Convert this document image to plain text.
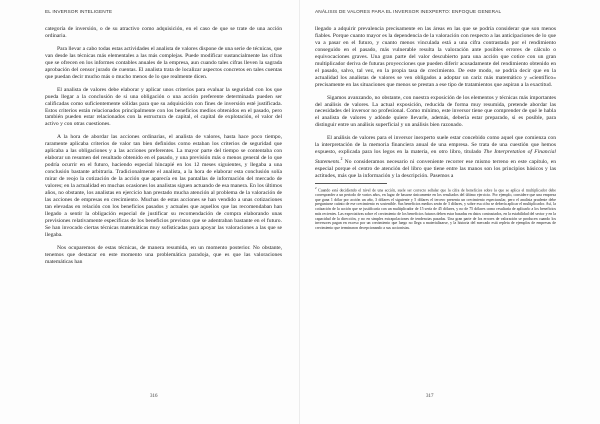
EL INVERSOR INTELIGENTE

categoría de inversión, o de su atractivo como adquisición, en el caso de que se trate de una acción ordinaria.

Para llevar a cabo todas estas actividades el analista de valores dispone de una serie de técnicas, que van desde las técnicas más elementales a las más complejas. Puede modificar sustancialmente las cifras que se ofrecen en los informes contables anuales de la empresa, aun cuando tales cifras lleven la sagrada aprobación del censor jurado de cuentas. El analista trata de localizar aspectos concretos en tales cuentas que puedan decir mucho más o mucho menos de lo que realmente dicen.

El analista de valores debe elaborar y aplicar unos criterios para evaluar la seguridad con los que pueda llegar a la conclusión de si una obligación o una acción preferente determinada pueden ser calificadas como suficientemente sólidas para que su adquisición con fines de inversión esté justificada. Estos criterios están relacionados principalmente con los beneficios medios obtenidos en el pasado, pero también pueden estar relacionados con la estructura de capital, el capital de explotación, el valor del activo y con otras cuestiones.

A la hora de abordar las acciones ordinarias, el analista de valores, hasta hace poco tiempo, raramente aplicaba criterios de valor tan bien definidos como estaban los criterios de seguridad que aplicaba a las obligaciones y a las acciones preferentes. La mayor parte del tiempo se contentaba con elaborar un resumen del resultado obtenido en el pasado, y una previsión más o menos general de lo que podría ocurrir en el futuro, haciendo especial hincapié en los 12 meses siguientes, y llegaba a una conclusión bastante arbitraria. Tradicionalmente el analista, a la hora de elaborar esta conclusión solía mirar de reojo la cotización de la acción que aparecía en las pantallas de información del mercado de valores; en la actualidad en muchas ocasiones los analistas siguen actuando de esa manera. En los últimos años, no obstante, los analistas en ejercicio han prestado mucha atención al problema de la valoración de las acciones de empresas en crecimiento. Muchas de estas acciones se han vendido a unas cotizaciones tan elevadas en relación con los beneficios pasados y actuales que aquellos que las recomendaban han llegado a sentir la obligación especial de justificar su recomendación de compra elaborando unas previsiones relativamente específicas de los beneficios previstos que se adentraban bastante en el futuro. Se han invocado ciertas técnicas matemáticas muy sofisticadas para apoyar las valoraciones a las que se llegaba.

Nos ocuparemos de estas técnicas, de manera resumida, en un momento posterior. No obstante, tenemos que destacar en este momento una problemática paradoja, que es que las valoraciones matemáticas han

316
ANÁLISIS DE VALORES PARA EL INVERSOR INEXPERTO: ENFOQUE GENERAL

llegado a adquirir prevalencia precisamente en las áreas en las que se podría considerar que son menos fiables. Porque cuanto mayor es la dependencia de la valoración con respecto a las anticipaciones de lo que va a pasar en el futuro, y cuanto menos vinculada está a una cifra contrastada por el rendimiento conseguido en el pasado, más vulnerable resulta la valoración ante posibles errores de cálculo o equivocaciones graves. Una gran parte del valor descubierto para una acción que cotice con un gran multiplicador deriva de futuras proyecciones que pueden diferir acusadamente del rendimiento obtenido en el pasado, salvo, tal vez, en la propia tasa de crecimiento. De este modo, se podría decir que en la actualidad los analistas de valores se ven obligados a adoptar un cariz más matemático y «científico» precisamente en las situaciones que menos se prestan a ese tipo de tratamientos que aspiran a la exactitud.

Sigamos avanzando, no obstante, con nuestra exposición de los elementos y técnicas más importantes del análisis de valores. La actual exposición, reducida de forma muy resumida, pretende abordar las necesidades del inversor no profesional. Como mínimo, este inversor tiene que comprender de qué le habla el analista de valores y adónde quiere llevarle, además, debería estar preparado, si es posible, para distinguir entre un análisis superficial y un análisis bien razonado.

El análisis de valores para el inversor inexperto suele estar concebido como aquel que comienza con la interpretación de la memoria financiera anual de una empresa. Se trata de una cuestión que hemos expuesto, explicada para los legos en la materia, en otro libro, titulado The Interpretation of Financial Statements.$^2$ No consideramos necesario ni conveniente recorrer ese mismo terreno en este capítulo, en especial porque el centro de atención del libro que tiene entre las manos son los principios básicos y las actitudes, más que la información y la descripción. Pasemos a

$^2$ Cuando está decidiendo el nivel de una acción, suele ser correcto señalar que la cifra de beneficios sobre la que se aplica el multiplicador debe corresponder a un periodo de varios años, en lugar de basarse únicamente en los resultados del último ejercicio. Por ejemplo, considere que una empresa que gana 1 dólar por acción un año, 3 dólares el siguiente y 5 dólares el tercero presenta un crecimiento espectacular, pero el analista prudente debe preguntarse cuánto de ese crecimiento es sostenible. Sus beneficios medios serán de 3 dólares, y sobre esa cifra se debería aplicar el multiplicador. Así, la cotización de la acción que se justificaría con un multiplicador de 15 sería de 45 dólares, y no de 75 dólares como resultaría de aplicarlo a los beneficios más recientes. Las expectativas sobre el crecimiento de los beneficios futuros deben estar basadas en datos contrastados, en la estabilidad del sector y en la capacidad de la dirección, y no en simples extrapolaciones de tendencias pasadas. Una gran parte de los errores de valoración se producen cuando los inversores pagan en exceso por un crecimiento que luego no llega a materializarse, y la historia del mercado está repleta de ejemplos de empresas de crecimiento que terminaron decepcionando a sus accionistas.
317
